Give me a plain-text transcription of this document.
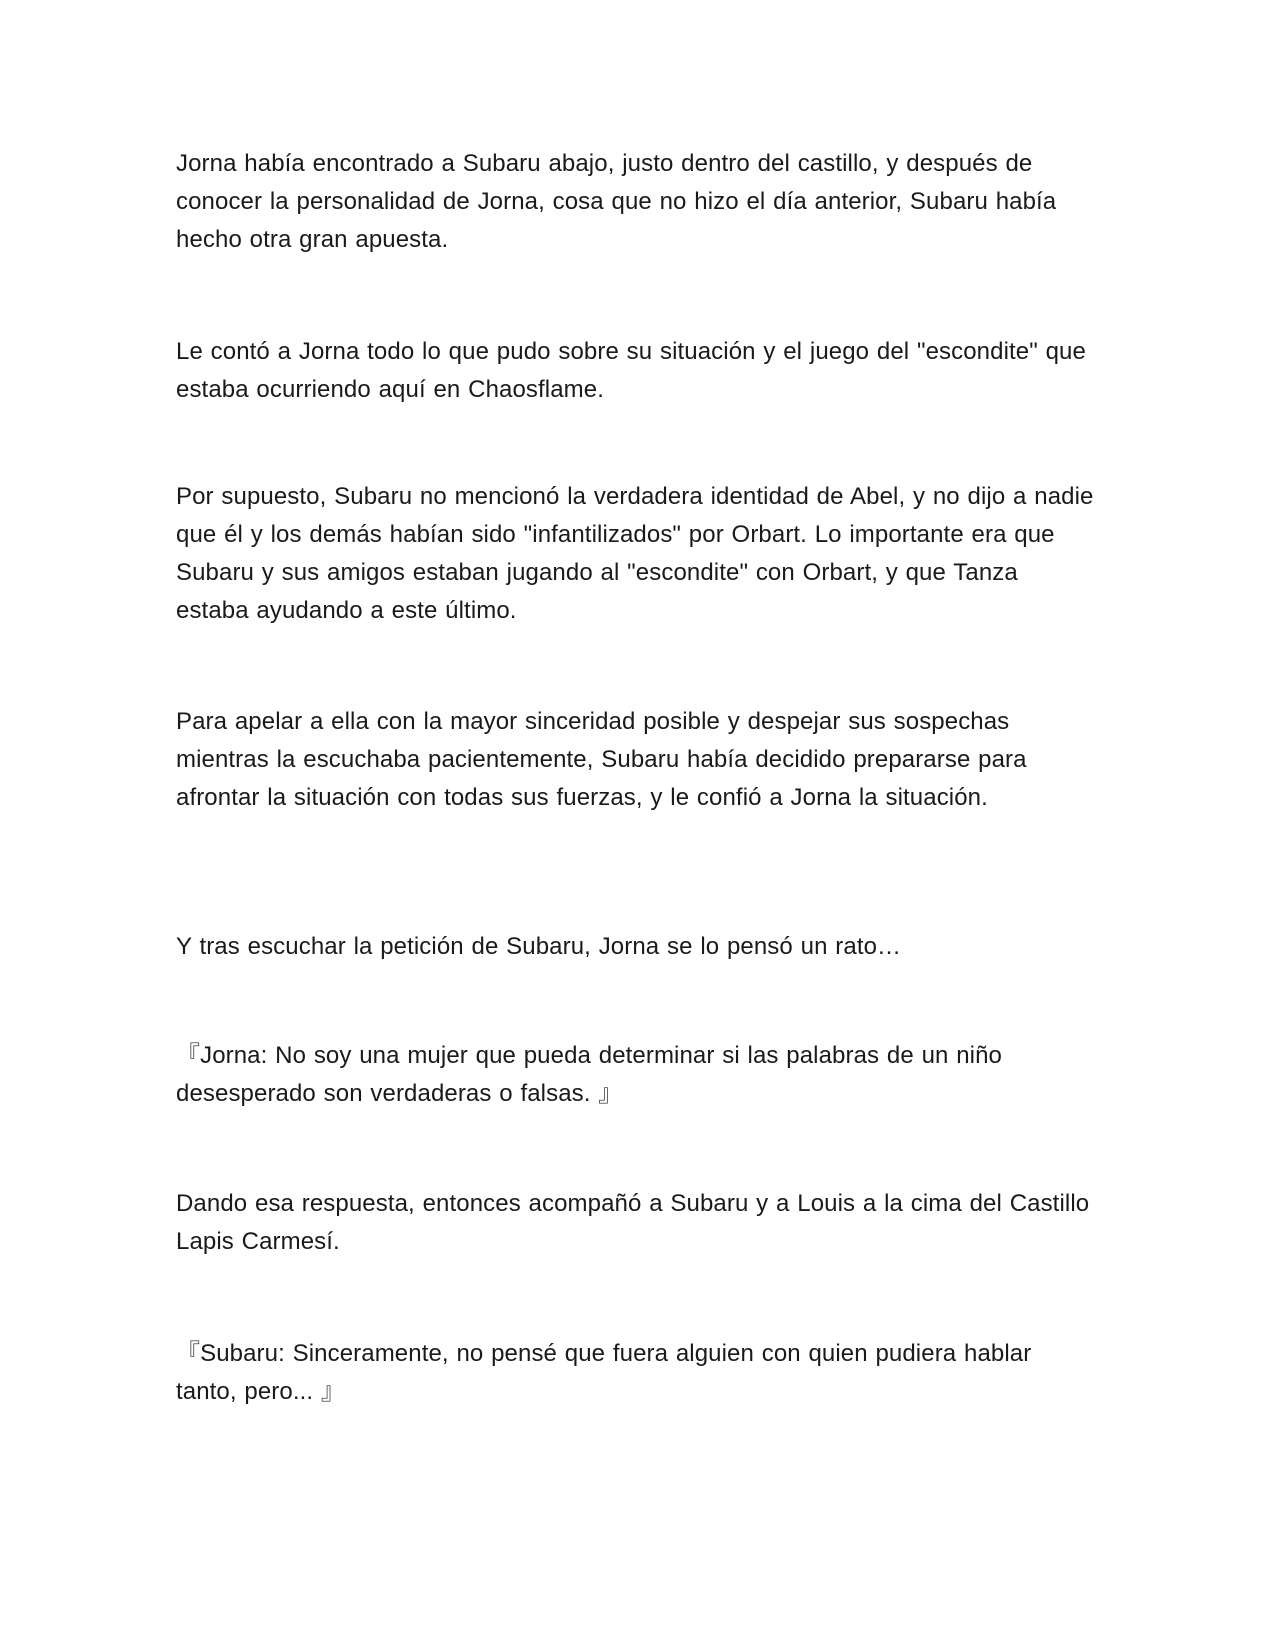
Jorna había encontrado a Subaru abajo, justo dentro del castillo, y después de conocer la personalidad de Jorna, cosa que no hizo el día anterior, Subaru había hecho otra gran apuesta.

Le contó a Jorna todo lo que pudo sobre su situación y el juego del "escondite" que estaba ocurriendo aquí en Chaosflame.

Por supuesto, Subaru no mencionó la verdadera identidad de Abel, y no dijo a nadie que él y los demás habían sido "infantilizados" por Orbart. Lo importante era que Subaru y sus amigos estaban jugando al "escondite" con Orbart, y que Tanza estaba ayudando a este último.

Para apelar a ella con la mayor sinceridad posible y despejar sus sospechas mientras la escuchaba pacientemente, Subaru había decidido prepararse para afrontar la situación con todas sus fuerzas, y le confió a Jorna la situación.

Y tras escuchar la petición de Subaru, Jorna se lo pensó un rato…

『Jorna: No soy una mujer que pueda determinar si las palabras de un niño desesperado son verdaderas o falsas. 』

Dando esa respuesta, entonces acompañó a Subaru y a Louis a la cima del Castillo Lapis Carmesí.

『Subaru: Sinceramente, no pensé que fuera alguien con quien pudiera hablar tanto, pero... 』
